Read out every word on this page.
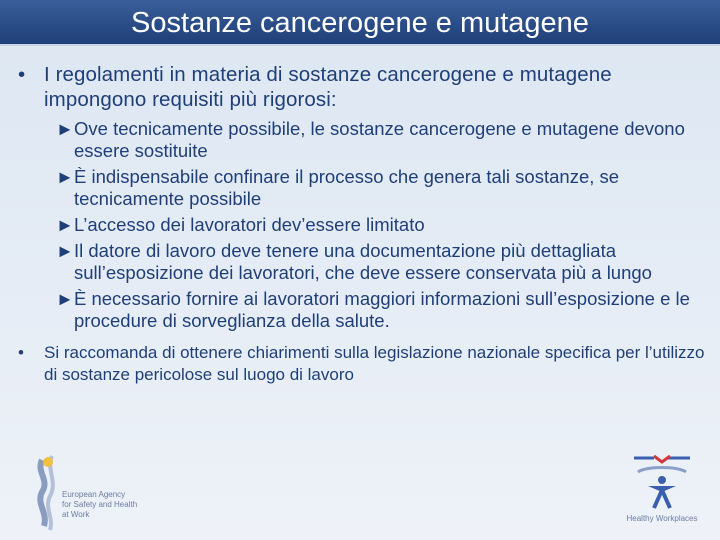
Sostanze cancerogene e mutagene
• I regolamenti in materia di sostanze cancerogene e mutagene impongono requisiti più rigorosi:
► Ove tecnicamente possibile, le sostanze cancerogene e mutagene devono essere sostituite
► È indispensabile confinare il processo che genera tali sostanze, se tecnicamente possibile
► L’accesso dei lavoratori dev’essere limitato
► Il datore di lavoro deve tenere una documentazione più dettagliata sull’esposizione dei lavoratori, che deve essere conservata più a lungo
► È necessario fornire ai lavoratori maggiori informazioni sull’esposizione e le procedure di sorveglianza della salute.
• Si raccomanda di ottenere chiarimenti sulla legislazione nazionale specifica per l’utilizzo di sostanze pericolose sul luogo di lavoro
European Agency
for Safety and Health
at Work	Healthy Workplaces
